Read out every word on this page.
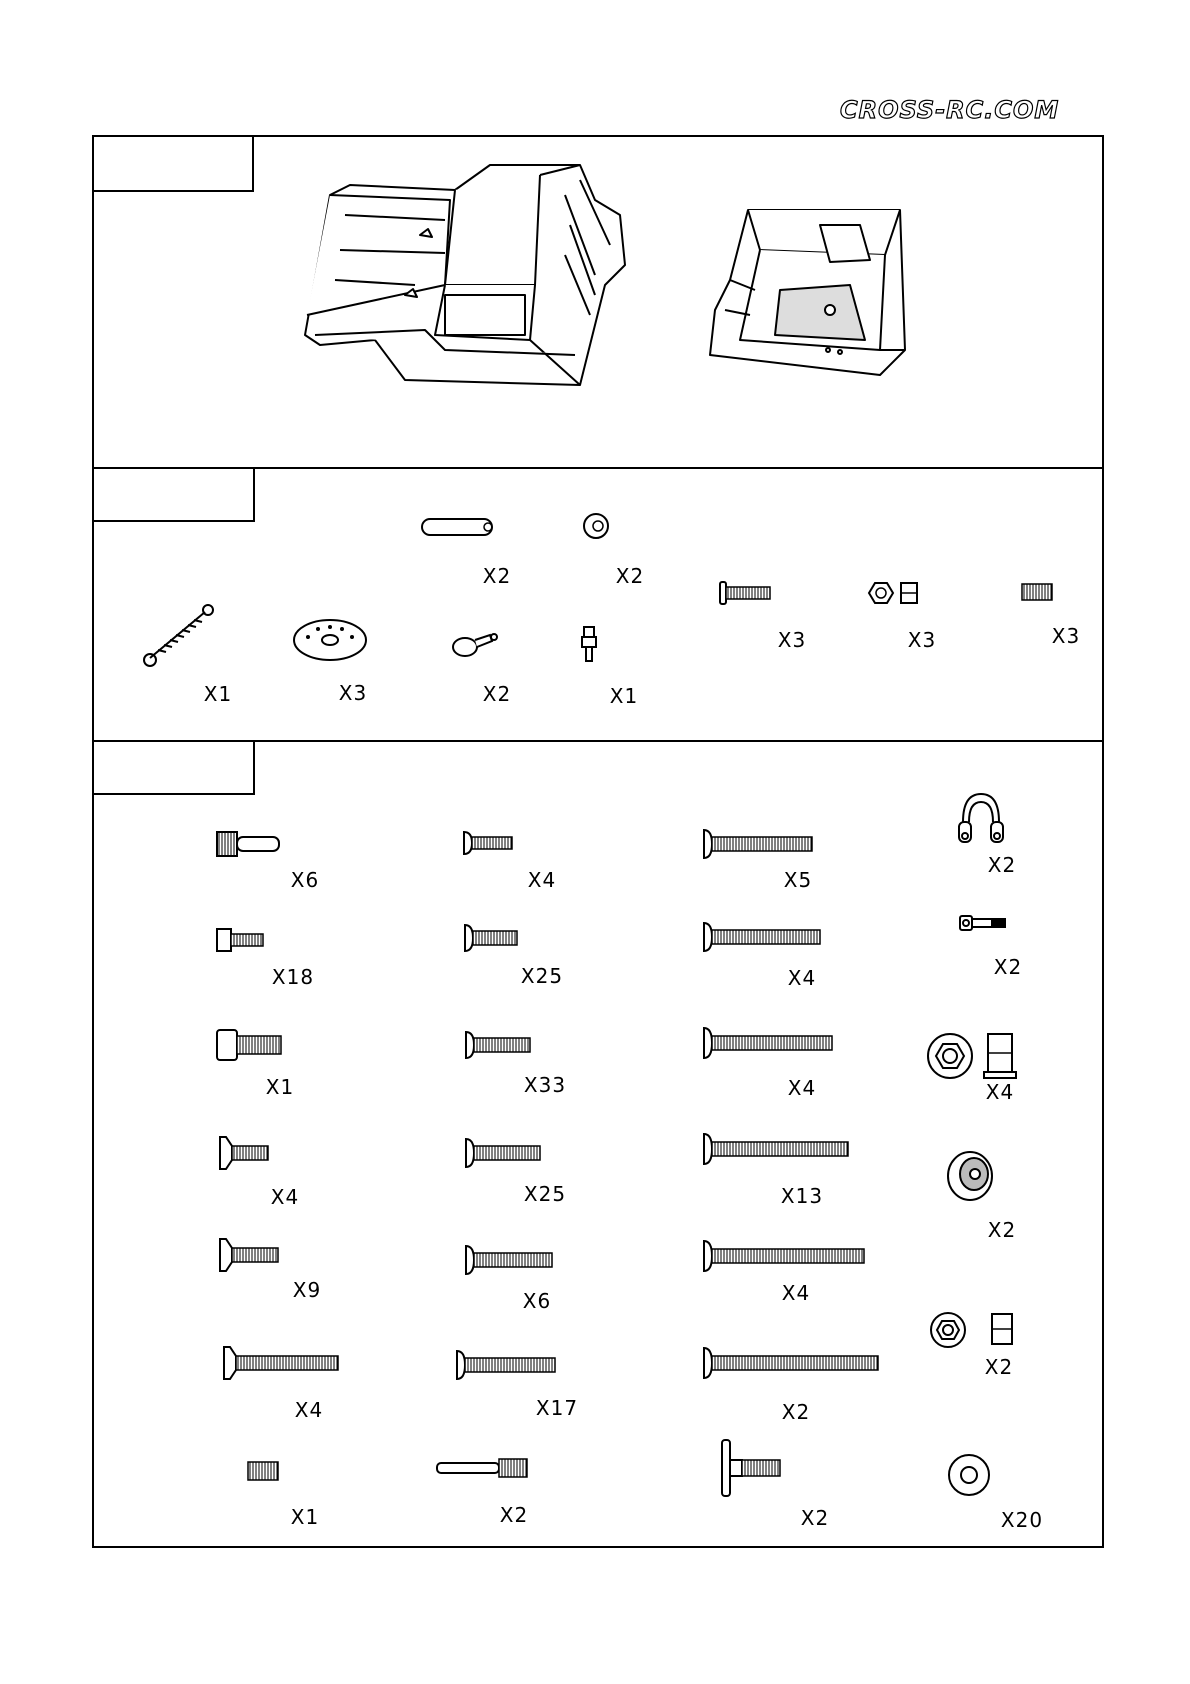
CROSS-RC.COM
X2	X2
X3	X3	X3
X1	X3	X2	X1
X6
X18
X1
X4
X9
X4
X1
X4
X25
X33
X25
X6
X17
X2
X5
X4
X4
X13
X4
X2
X2
X2
X2
X4
X2
X2
X20
